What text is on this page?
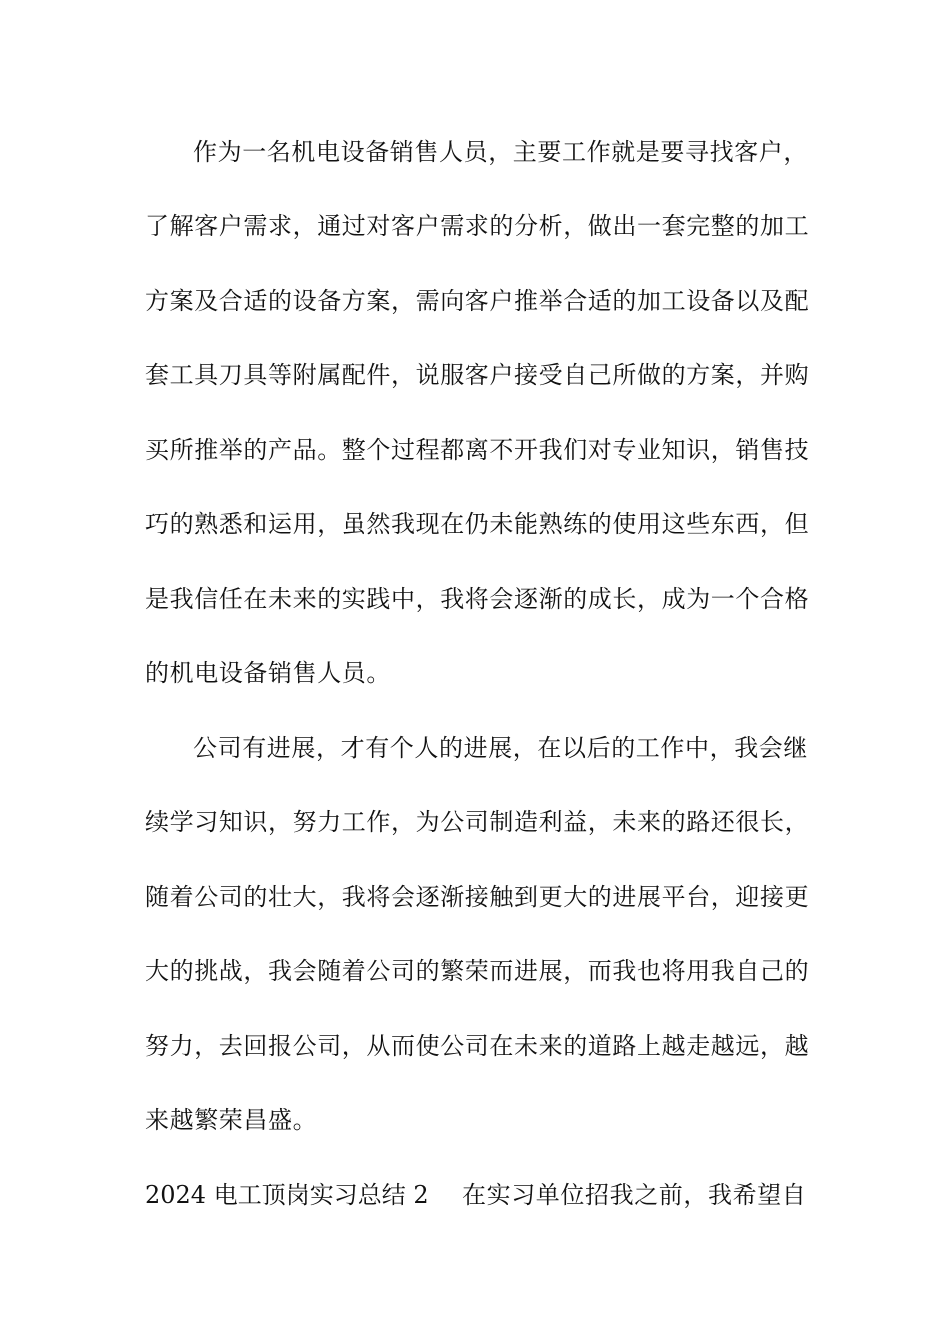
作为一名机电设备销售人员，主要工作就是要寻找客户，
了解客户需求，通过对客户需求的分析，做出一套完整的加工
方案及合适的设备方案，需向客户推举合适的加工设备以及配
套工具刀具等附属配件，说服客户接受自己所做的方案，并购
买所推举的产品。整个过程都离不开我们对专业知识，销售技
巧的熟悉和运用，虽然我现在仍未能熟练的使用这些东西，但
是我信任在未来的实践中，我将会逐渐的成长，成为一个合格
的机电设备销售人员。
公司有进展，才有个人的进展，在以后的工作中，我会继
续学习知识，努力工作，为公司制造利益，未来的路还很长，
随着公司的壮大，我将会逐渐接触到更大的进展平台，迎接更
大的挑战，我会随着公司的繁荣而进展，而我也将用我自己的
努力，去回报公司，从而使公司在未来的道路上越走越远，越
来越繁荣昌盛。
2024 电工顶岗实习总结 2 在实习单位招我之前，我希望自
